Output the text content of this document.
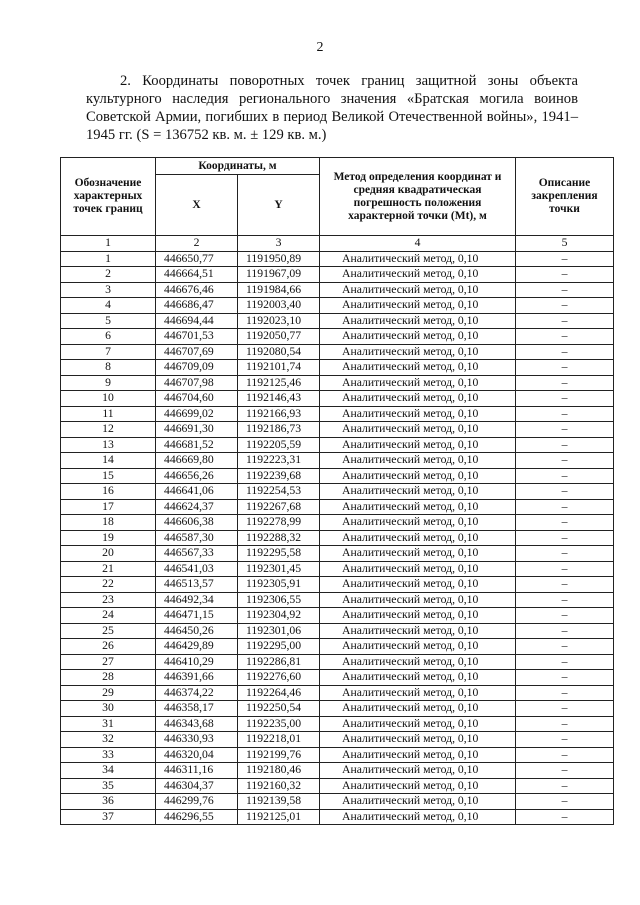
2
2. Координаты поворотных точек границ защитной зоны объекта культурного наследия регионального значения «Братская могила воинов Советской Армии, погибших в период Великой Отечественной войны», 1941–1945 гг. (S = 136752 кв. м. ± 129 кв. м.)
Обозначение характерных точек границ	Координаты, м		Метод определения координат и средняя квадратическая погрешность положения характерной точки (Mt), м	Описание закрепления точки
	X	Y		
1	2	3	4	5
1	446650,77	1191950,89	Аналитический метод, 0,10	–
2	446664,51	1191967,09	Аналитический метод, 0,10	–
3	446676,46	1191984,66	Аналитический метод, 0,10	–
4	446686,47	1192003,40	Аналитический метод, 0,10	–
5	446694,44	1192023,10	Аналитический метод, 0,10	–
6	446701,53	1192050,77	Аналитический метод, 0,10	–
7	446707,69	1192080,54	Аналитический метод, 0,10	–
8	446709,09	1192101,74	Аналитический метод, 0,10	–
9	446707,98	1192125,46	Аналитический метод, 0,10	–
10	446704,60	1192146,43	Аналитический метод, 0,10	–
11	446699,02	1192166,93	Аналитический метод, 0,10	–
12	446691,30	1192186,73	Аналитический метод, 0,10	–
13	446681,52	1192205,59	Аналитический метод, 0,10	–
14	446669,80	1192223,31	Аналитический метод, 0,10	–
15	446656,26	1192239,68	Аналитический метод, 0,10	–
16	446641,06	1192254,53	Аналитический метод, 0,10	–
17	446624,37	1192267,68	Аналитический метод, 0,10	–
18	446606,38	1192278,99	Аналитический метод, 0,10	–
19	446587,30	1192288,32	Аналитический метод, 0,10	–
20	446567,33	1192295,58	Аналитический метод, 0,10	–
21	446541,03	1192301,45	Аналитический метод, 0,10	–
22	446513,57	1192305,91	Аналитический метод, 0,10	–
23	446492,34	1192306,55	Аналитический метод, 0,10	–
24	446471,15	1192304,92	Аналитический метод, 0,10	–
25	446450,26	1192301,06	Аналитический метод, 0,10	–
26	446429,89	1192295,00	Аналитический метод, 0,10	–
27	446410,29	1192286,81	Аналитический метод, 0,10	–
28	446391,66	1192276,60	Аналитический метод, 0,10	–
29	446374,22	1192264,46	Аналитический метод, 0,10	–
30	446358,17	1192250,54	Аналитический метод, 0,10	–
31	446343,68	1192235,00	Аналитический метод, 0,10	–
32	446330,93	1192218,01	Аналитический метод, 0,10	–
33	446320,04	1192199,76	Аналитический метод, 0,10	–
34	446311,16	1192180,46	Аналитический метод, 0,10	–
35	446304,37	1192160,32	Аналитический метод, 0,10	–
36	446299,76	1192139,58	Аналитический метод, 0,10	–
37	446296,55	1192125,01	Аналитический метод, 0,10	–
